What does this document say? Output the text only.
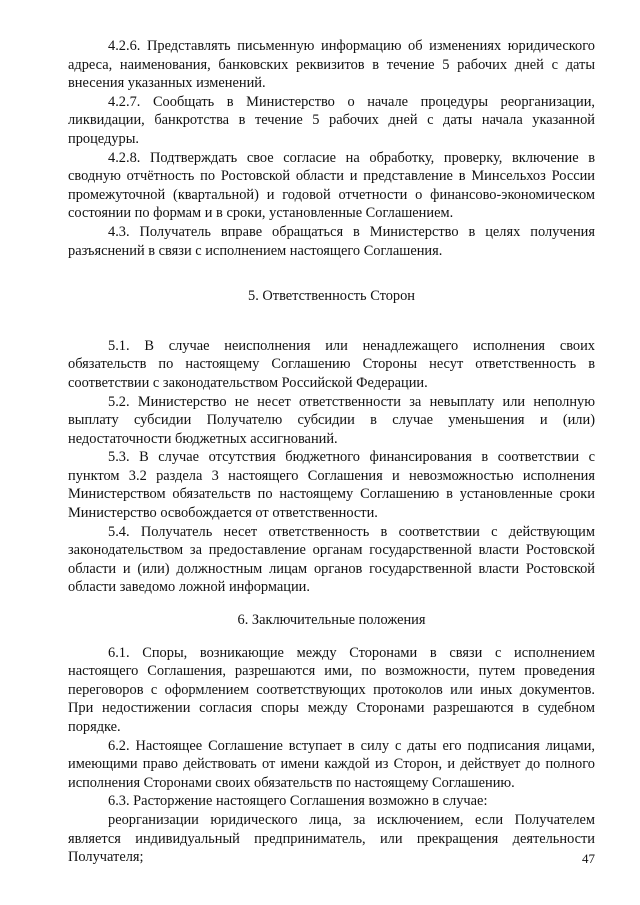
4.2.6. Представлять письменную информацию об изменениях юридического адреса, наименования, банковских реквизитов в течение 5 рабочих дней с даты внесения указанных изменений.

4.2.7. Сообщать в Министерство о начале процедуры реорганизации, ликвидации, банкротства в течение 5 рабочих дней с даты начала указанной процедуры.

4.2.8. Подтверждать свое согласие на обработку, проверку, включение в сводную отчётность по Ростовской области и представление в Минсельхоз России промежуточной (квартальной) и годовой отчетности о финансово-экономическом состоянии по формам и в сроки, установленные Соглашением.

4.3. Получатель вправе обращаться в Министерство в целях получения разъяснений в связи с исполнением настоящего Соглашения.

5. Ответственность Сторон

5.1. В случае неисполнения или ненадлежащего исполнения своих обязательств по настоящему Соглашению Стороны несут ответственность в соответствии с законодательством Российской Федерации.

5.2. Министерство не несет ответственности за невыплату или неполную выплату субсидии Получателю субсидии в случае уменьшения и (или) недостаточности бюджетных ассигнований.

5.3. В случае отсутствия бюджетного финансирования в соответствии с пунктом 3.2 раздела 3 настоящего Соглашения и невозможностью исполнения Министерством обязательств по настоящему Соглашению в установленные сроки Министерство освобождается от ответственности.

5.4. Получатель несет ответственность в соответствии с действующим законодательством за предоставление органам государственной власти Ростовской области и (или) должностным лицам органов государственной власти Ростовской области заведомо ложной информации.

6. Заключительные положения

6.1. Споры, возникающие между Сторонами в связи с исполнением настоящего Соглашения, разрешаются ими, по возможности, путем проведения переговоров с оформлением соответствующих протоколов или иных документов. При недостижении согласия споры между Сторонами разрешаются в судебном порядке.

6.2. Настоящее Соглашение вступает в силу с даты его подписания лицами, имеющими право действовать от имени каждой из Сторон, и действует до полного исполнения Сторонами своих обязательств по настоящему Соглашению.

6.3. Расторжение настоящего Соглашения возможно в случае:

реорганизации юридического лица, за исключением, если Получателем является индивидуальный предприниматель, или прекращения деятельности Получателя;	47
